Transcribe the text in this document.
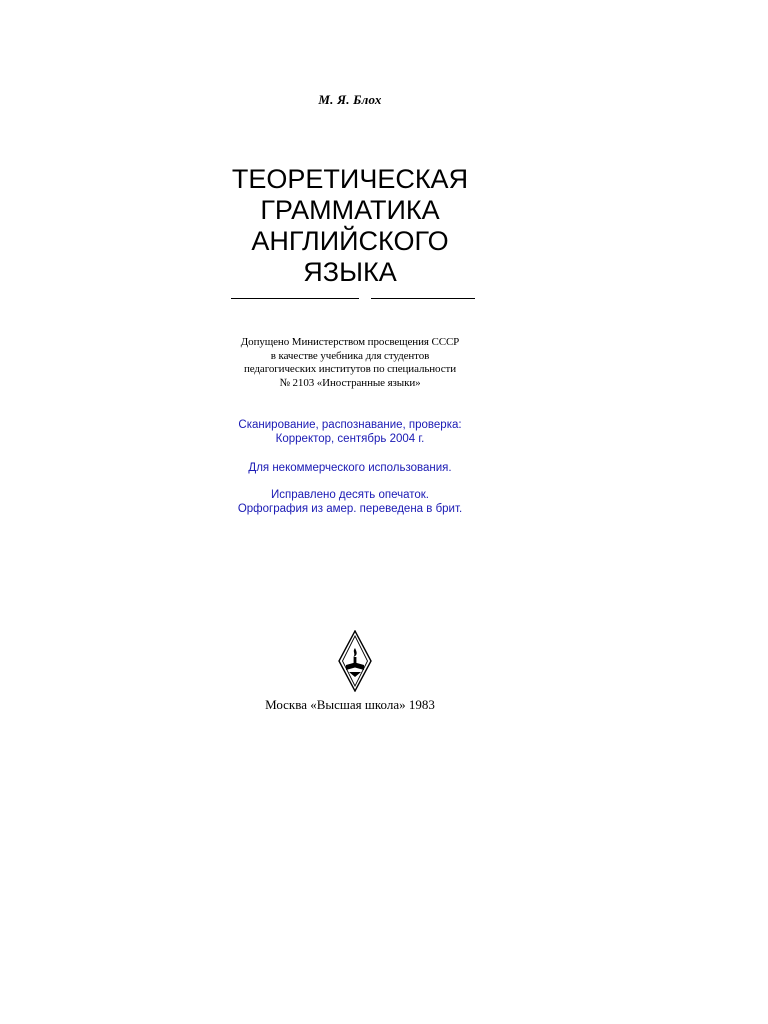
М. Я. Блох
ТЕОРЕТИЧЕСКАЯ
ГРАММАТИКА
АНГЛИЙСКОГО
ЯЗЫКА
Допущено Министерством просвещения СССР
в качестве учебника для студентов
педагогических институтов по специальности
№ 2103 «Иностранные языки»
Сканирование, распознавание, проверка:
Корректор, сентябрь 2004 г.
Для некоммерческого использования.
Исправлено десять опечаток.
Орфография из амер. переведена в брит.
Москва «Высшая школа» 1983
